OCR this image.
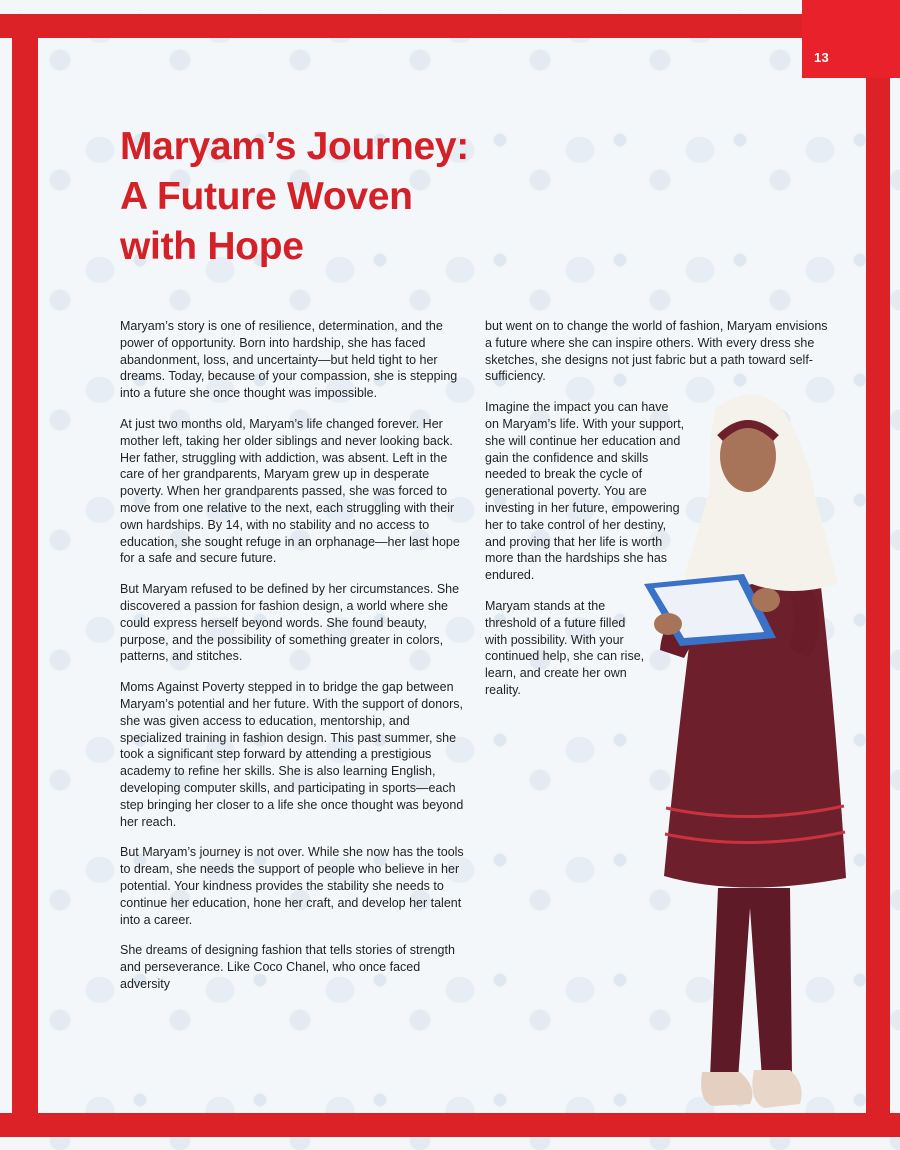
13
Maryam’s Journey:
A Future Woven
with Hope

Maryam’s story is one of resilience, determination, and the power of opportunity. Born into hardship, she has faced abandonment, loss, and uncertainty—but held tight to her dreams. Today, because of your compassion, she is stepping into a future she once thought was impossible.

At just two months old, Maryam’s life changed forever. Her mother left, taking her older siblings and never looking back. Her father, struggling with addiction, was absent. Left in the care of her grandparents, Maryam grew up in desperate poverty. When her grandparents passed, she was forced to move from one relative to the next, each struggling with their own hardships. By 14, with no stability and no access to education, she sought refuge in an orphanage—her last hope for a safe and secure future.

But Maryam refused to be defined by her circumstances. She discovered a passion for fashion design, a world where she could express herself beyond words. She found beauty, purpose, and the possibility of something greater in colors, patterns, and stitches.

Moms Against Poverty stepped in to bridge the gap between Maryam’s potential and her future. With the support of donors, she was given access to education, mentorship, and specialized training in fashion design. This past summer, she took a significant step forward by attending a prestigious academy to refine her skills. She is also learning English, developing computer skills, and participating in sports—each step bringing her closer to a life she once thought was beyond her reach.

But Maryam’s journey is not over. While she now has the tools to dream, she needs the support of people who believe in her potential. Your kindness provides the stability she needs to continue her education, hone her craft, and develop her talent into a career.

She dreams of designing fashion that tells stories of strength and perseverance. Like Coco Chanel, who once faced adversity

but went on to change the world of fashion, Maryam envisions a future where she can inspire others. With every dress she sketches, she designs not just fabric but a path toward self-sufficiency.

Imagine the impact you can have on Maryam’s life. With your support, she will continue her education and gain the confidence and skills needed to break the cycle of generational poverty. You are investing in her future, empowering her to take control of her destiny, and proving that her life is worth more than the hardships she has endured.

Maryam stands at the threshold of a future filled with possibility. With your continued help, she can rise, learn, and create her own reality.
